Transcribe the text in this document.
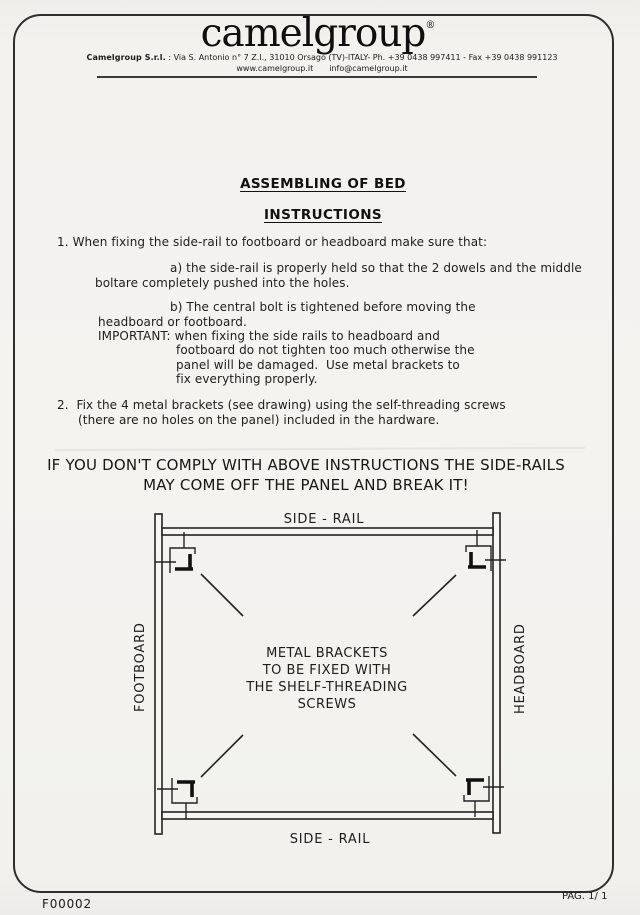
camelgroup®
Camelgroup S.r.l. : Via S. Antonio n° 7 Z.I., 31010 Orsago (TV)-ITALY- Ph. +39 0438 997411 - Fax +39 0438 991123
www.camelgroup.it info@camelgroup.it
ASSEMBLING OF BED
INSTRUCTIONS
1. When fixing the side-rail to footboard or headboard make sure that:
a) the side-rail is properly held so that the 2 dowels and the middle
boltare completely pushed into the holes.
b) The central bolt is tightened before moving the
headboard or footboard.
IMPORTANT: when fixing the side rails to headboard and
footboard do not tighten too much otherwise the
panel will be damaged.  Use metal brackets to
fix everything properly.
2.  Fix the 4 metal brackets (see drawing) using the self-threading screws
(there are no holes on the panel) included in the hardware.
IF YOU DON'T COMPLY WITH ABOVE INSTRUCTIONS THE SIDE-RAILS
MAY COME OFF THE PANEL AND BREAK IT!
SIDE - RAIL
SIDE - RAIL
FOOTBOARD	HEADBOARD
METAL BRACKETS
TO BE FIXED WITH
THE SHELF-THREADING
SCREWS
F00002
PAG. 1/ 1
